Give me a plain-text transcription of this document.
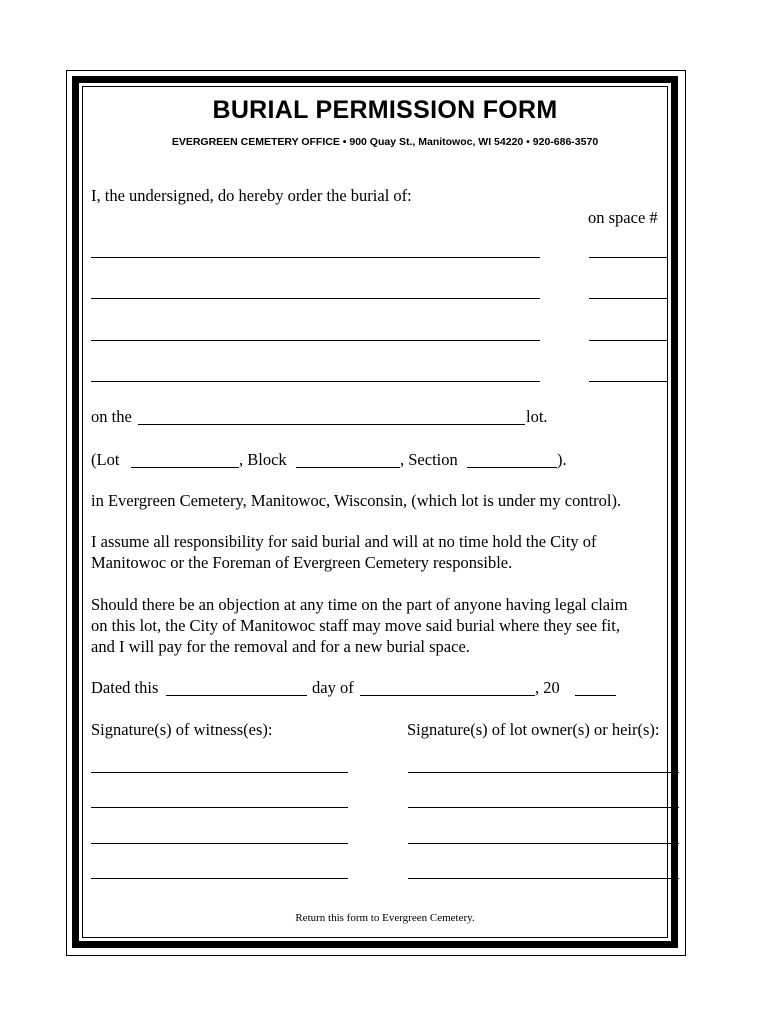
BURIAL PERMISSION FORM
EVERGREEN CEMETERY OFFICE • 900 Quay St., Manitowoc, WI 54220 • 920-686-3570
I, the undersigned, do hereby order the burial of:
on space #
on the	lot.
(Lot	, Block	, Section	).
in Evergreen Cemetery, Manitowoc, Wisconsin, (which lot is under my control).
I assume all responsibility for said burial and will at no time hold the City of
Manitowoc or the Foreman of Evergreen Cemetery responsible.
Should there be an objection at any time on the part of anyone having legal claim
on this lot, the City of Manitowoc staff may move said burial where they see fit,
and I will pay for the removal and for a new burial space.
Dated this	day of	, 20
Signature(s) of witness(es):	Signature(s) of lot owner(s) or heir(s):
Return this form to Evergreen Cemetery.
